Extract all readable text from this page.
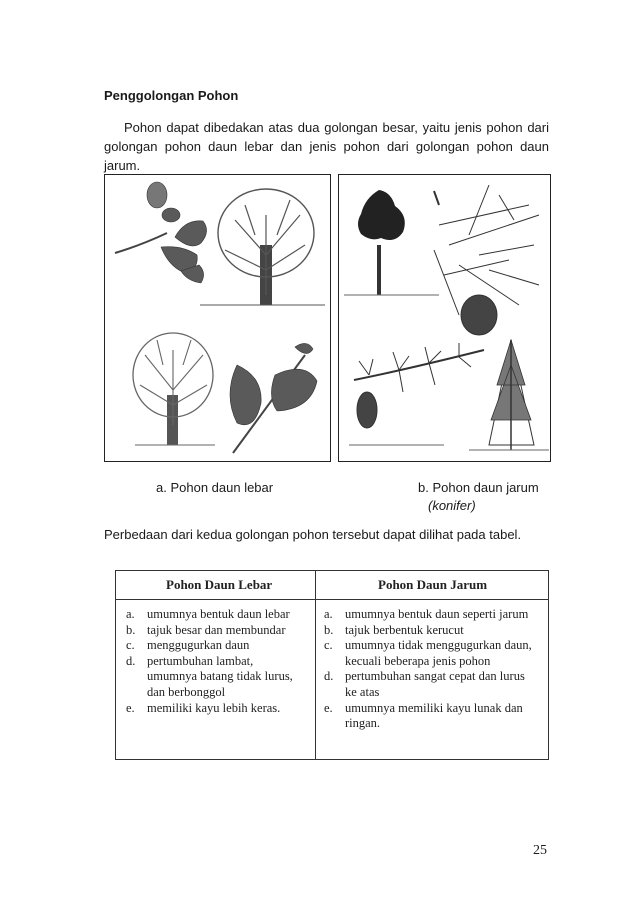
Penggolongan Pohon
Pohon dapat dibedakan atas dua golongan besar, yaitu jenis pohon dari golongan pohon daun lebar dan jenis pohon dari golongan pohon daun jarum.
a. Pohon daun lebar	b. Pohon daun jarum
(konifer)
Perbedaan dari kedua golongan pohon tersebut dapat dilihat pada tabel.
Pohon Daun Lebar	Pohon Daun Jarum
a. umumnya bentuk daun lebar
b. tajuk besar dan membundar
c. menggugurkan daun
d. pertumbuhan lambat,
umumnya batang tidak lurus,
dan berbonggol
e. memiliki kayu lebih keras.
a. umumnya bentuk daun seperti jarum
b. tajuk berbentuk kerucut
c. umumnya tidak menggugurkan daun,
kecuali beberapa jenis pohon
d. pertumbuhan sangat cepat dan lurus
ke atas
e. umumnya memiliki kayu lunak dan
ringan.
25
